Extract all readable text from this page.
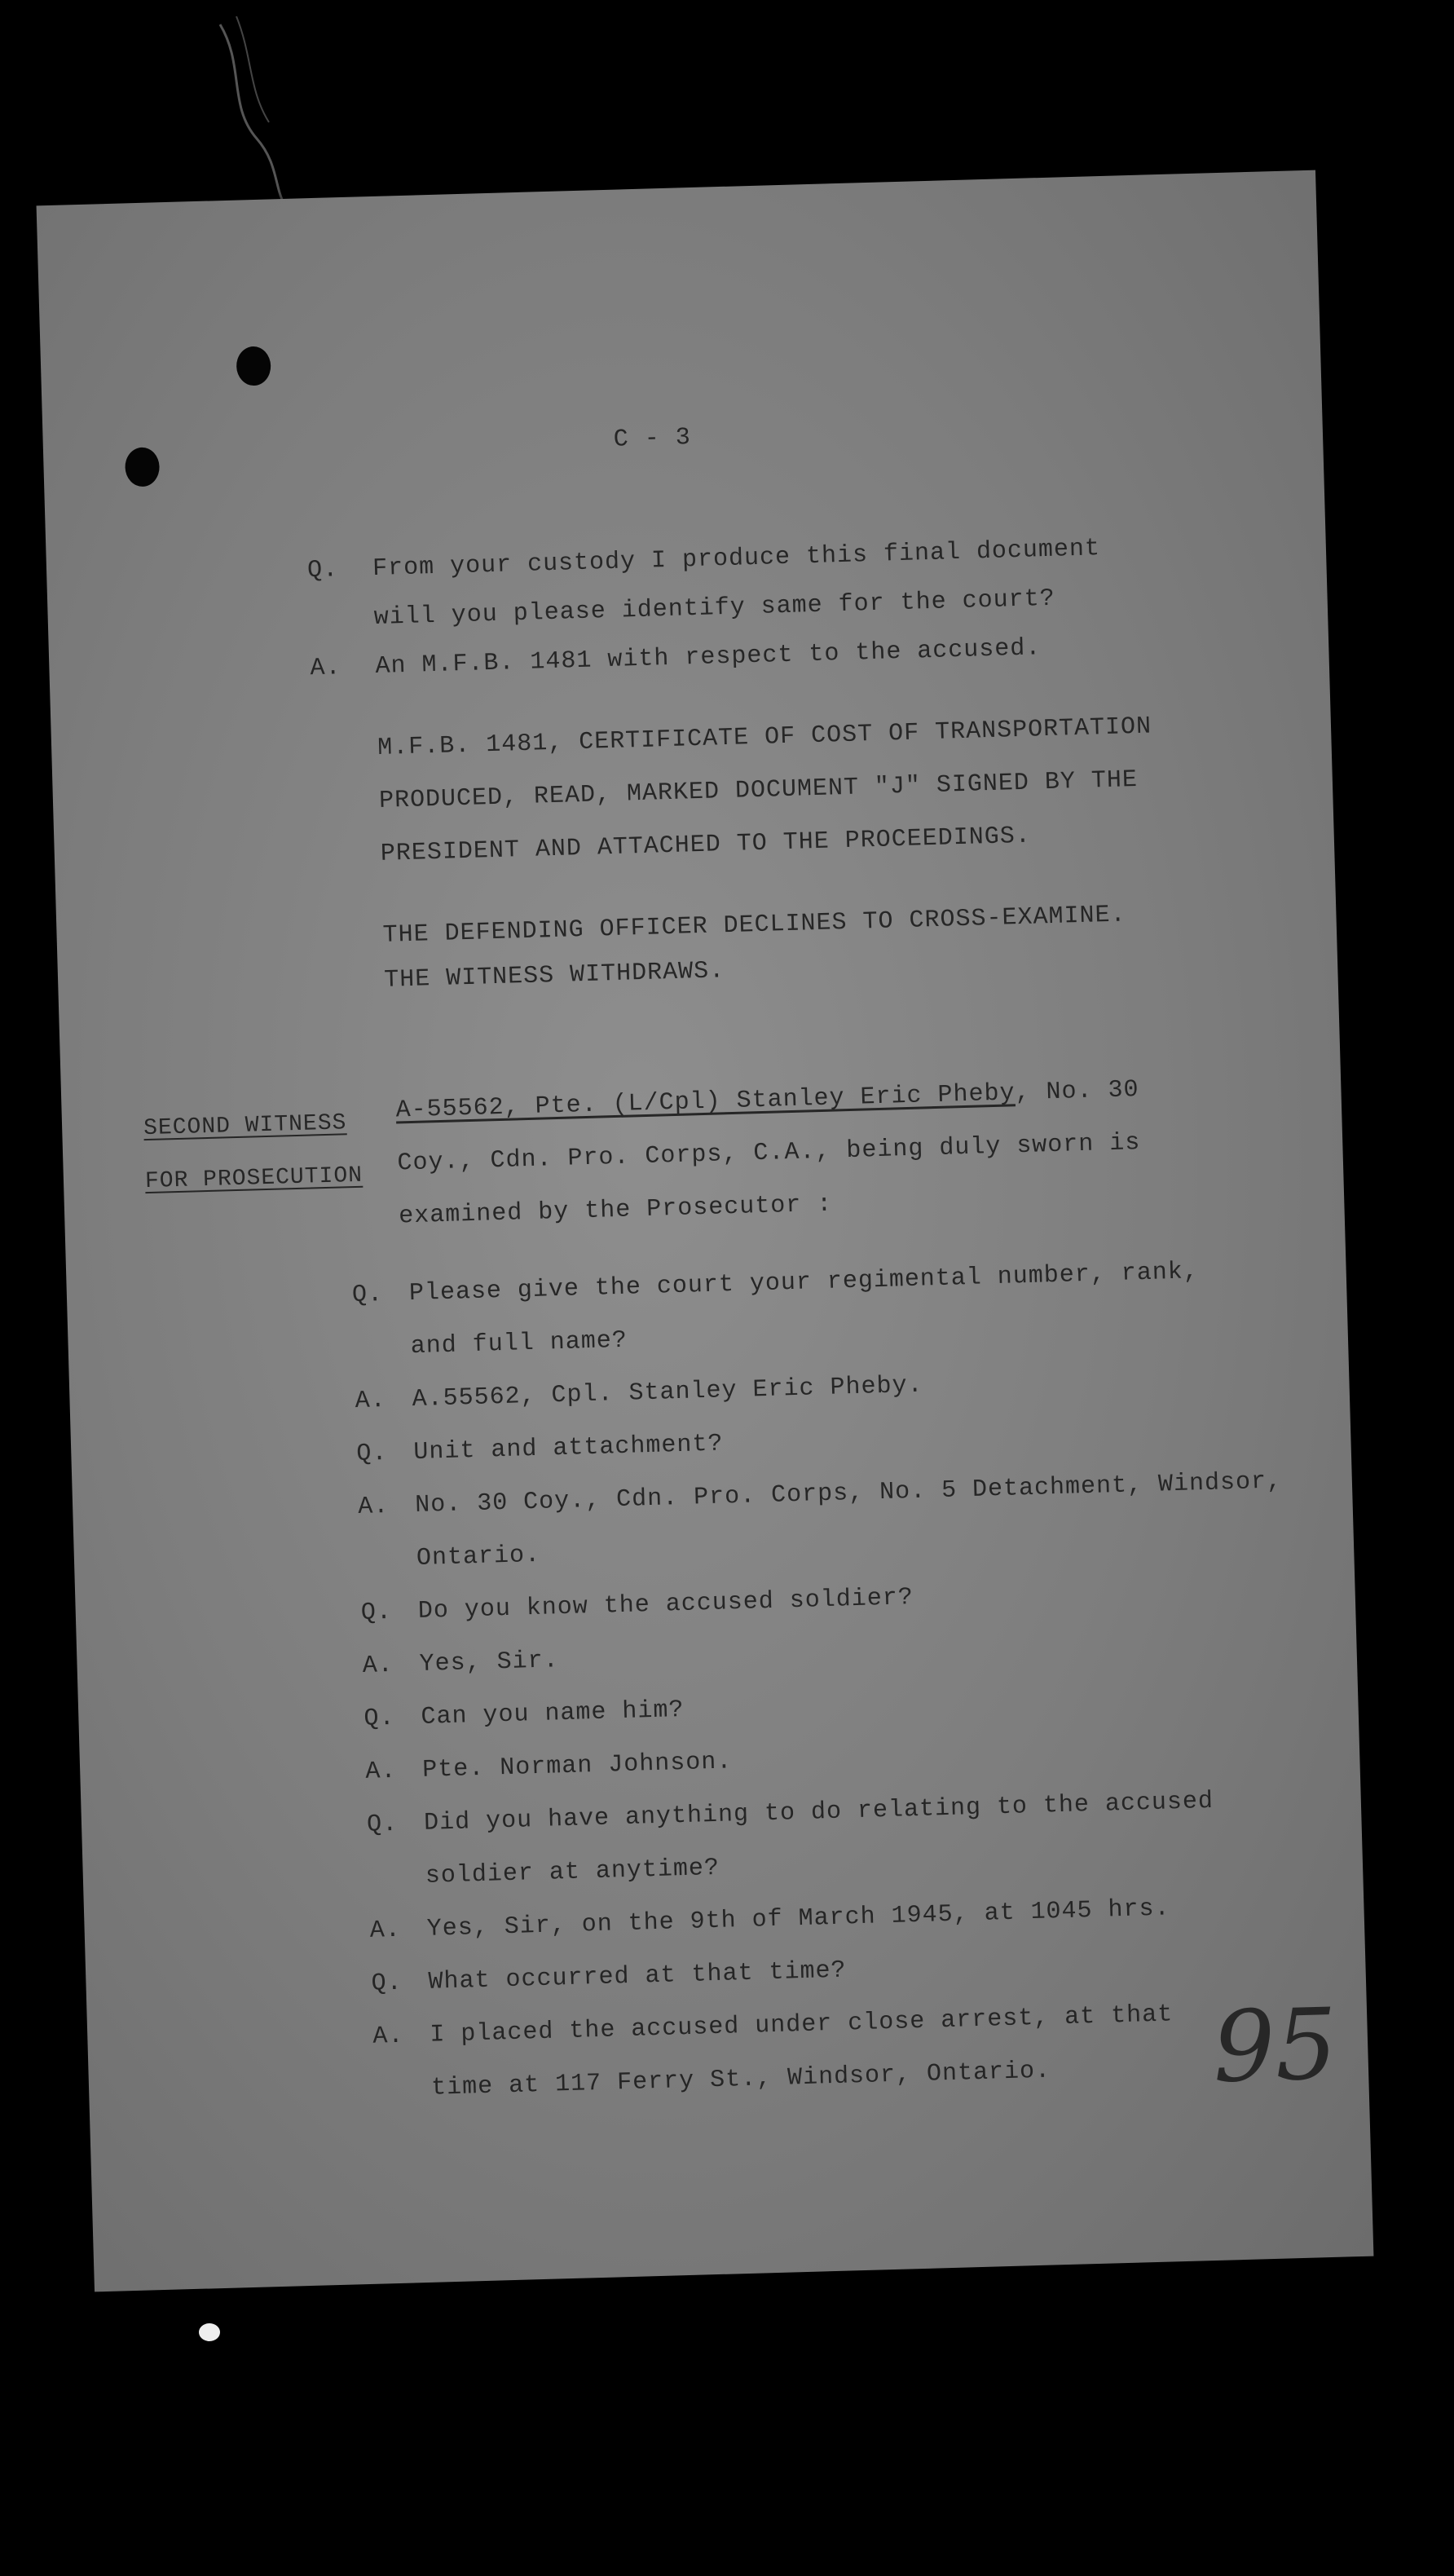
C - 3
Q. From your custody I produce this final document
will you please identify same for the court?
A. An M.F.B. 1481 with respect to the accused.
M.F.B. 1481, CERTIFICATE OF COST OF TRANSPORTATION
PRODUCED, READ, MARKED DOCUMENT "J" SIGNED BY THE
PRESIDENT AND ATTACHED TO THE PROCEEDINGS.
THE DEFENDING OFFICER DECLINES TO CROSS-EXAMINE.
THE WITNESS WITHDRAWS.
SECOND WITNESS
FOR PROSECUTION
A-55562, Pte. (L/Cpl) Stanley Eric Pheby, No. 30
Coy., Cdn. Pro. Corps, C.A., being duly sworn is
examined by the Prosecutor :
Q. Please give the court your regimental number, rank,
and full name?
A. A.55562, Cpl. Stanley Eric Pheby.
Q. Unit and attachment?
A. No. 30 Coy., Cdn. Pro. Corps, No. 5 Detachment, Windsor,
Ontario.
Q. Do you know the accused soldier?
A. Yes, Sir.
Q. Can you name him?
A. Pte. Norman Johnson.
Q. Did you have anything to do relating to the accused
soldier at anytime?
A. Yes, Sir, on the 9th of March 1945, at 1045 hrs.
Q. What occurred at that time?
A. I placed the accused under close arrest, at that
time at 117 Ferry St., Windsor, Ontario. 95
